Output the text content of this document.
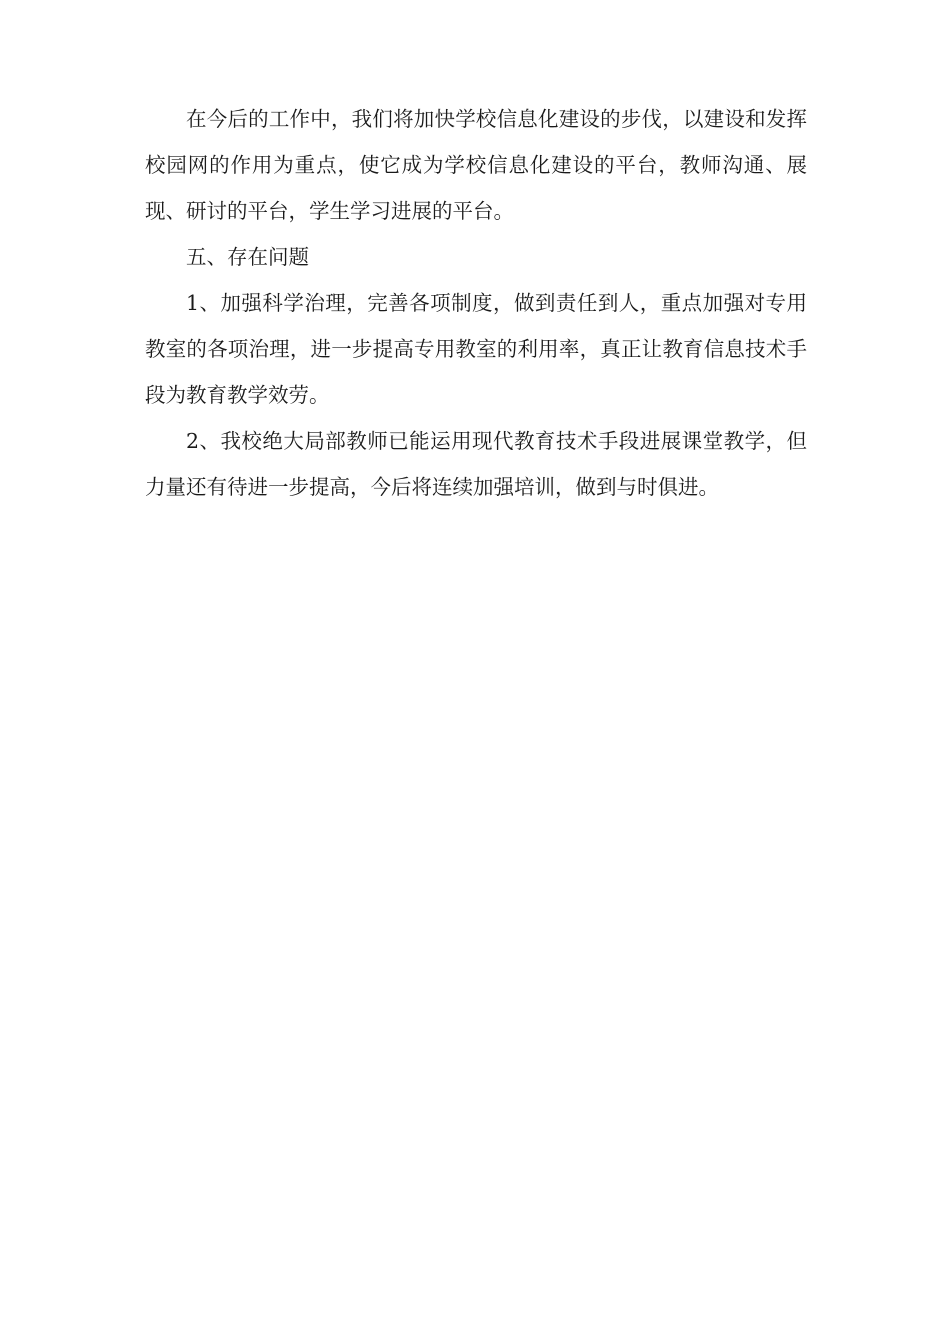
在今后的工作中，我们将加快学校信息化建设的步伐，以建设和发挥校园网的作用为重点，使它成为学校信息化建设的平台，教师沟通、展现、研讨的平台，学生学习进展的平台。

五、存在问题

1、加强科学治理，完善各项制度，做到责任到人，重点加强对专用教室的各项治理，进一步提高专用教室的利用率，真正让教育信息技术手段为教育教学效劳。

2、我校绝大局部教师已能运用现代教育技术手段进展课堂教学，但力量还有待进一步提高，今后将连续加强培训，做到与时俱进。
